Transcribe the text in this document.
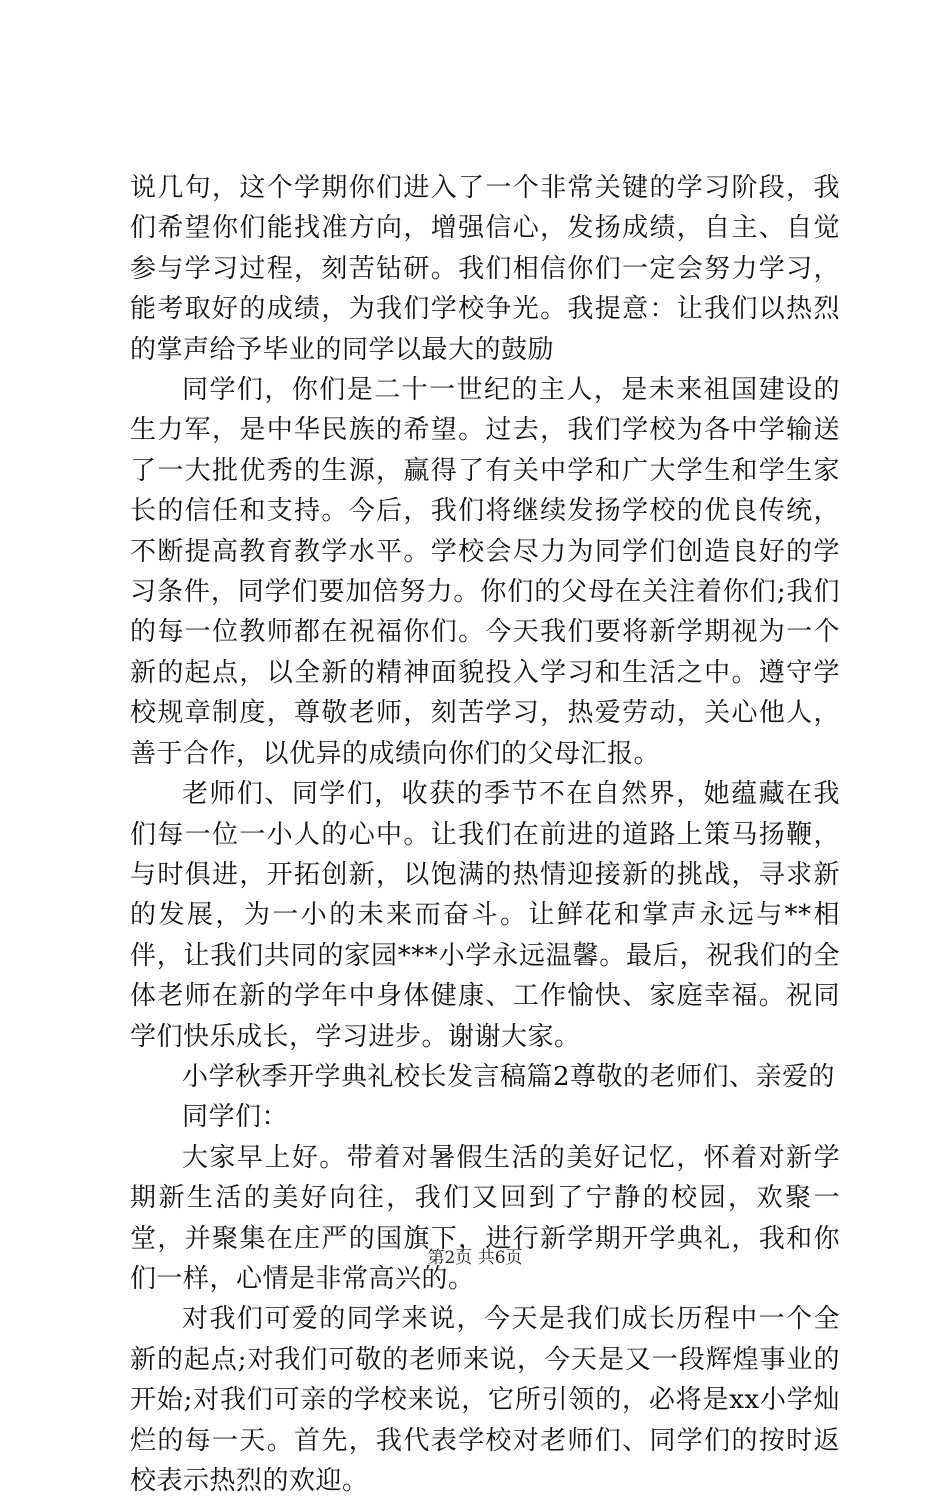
说几句，这个学期你们进入了一个非常关键的学习阶段，我们希望你们能找准方向，增强信心，发扬成绩，自主、自觉参与学习过程，刻苦钻研。我们相信你们一定会努力学习，能考取好的成绩，为我们学校争光。我提意：让我们以热烈的掌声给予毕业的同学以最大的鼓励

同学们，你们是二十一世纪的主人，是未来祖国建设的生力军，是中华民族的希望。过去，我们学校为各中学输送了一大批优秀的生源，赢得了有关中学和广大学生和学生家长的信任和支持。今后，我们将继续发扬学校的优良传统，不断提高教育教学水平。学校会尽力为同学们创造良好的学习条件，同学们要加倍努力。你们的父母在关注着你们;我们的每一位教师都在祝福你们。今天我们要将新学期视为一个新的起点，以全新的精神面貌投入学习和生活之中。遵守学校规章制度，尊敬老师，刻苦学习，热爱劳动，关心他人，善于合作，以优异的成绩向你们的父母汇报。

老师们、同学们，收获的季节不在自然界，她蕴藏在我们每一位一小人的心中。让我们在前进的道路上策马扬鞭，与时俱进，开拓创新，以饱满的热情迎接新的挑战，寻求新的发展，为一小的未来而奋斗。让鲜花和掌声永远与**相伴，让我们共同的家园***小学永远温馨。最后，祝我们的全体老师在新的学年中身体健康、工作愉快、家庭幸福。祝同学们快乐成长，学习进步。谢谢大家。

小学秋季开学典礼校长发言稿篇2尊敬的老师们、亲爱的

同学们：

大家早上好。带着对暑假生活的美好记忆，怀着对新学期新生活的美好向往，我们又回到了宁静的校园，欢聚一堂，并聚集在庄严的国旗下，进行新学期开学典礼，我和你们一样，心情是非常高兴的。

对我们可爱的同学来说，今天是我们成长历程中一个全新的起点;对我们可敬的老师来说，今天是又一段辉煌事业的开始;对我们可亲的学校来说，它所引领的，必将是xx小学灿烂的每一天。首先，我代表学校对老师们、同学们的按时返校表示热烈的欢迎。

第2页 共6页
